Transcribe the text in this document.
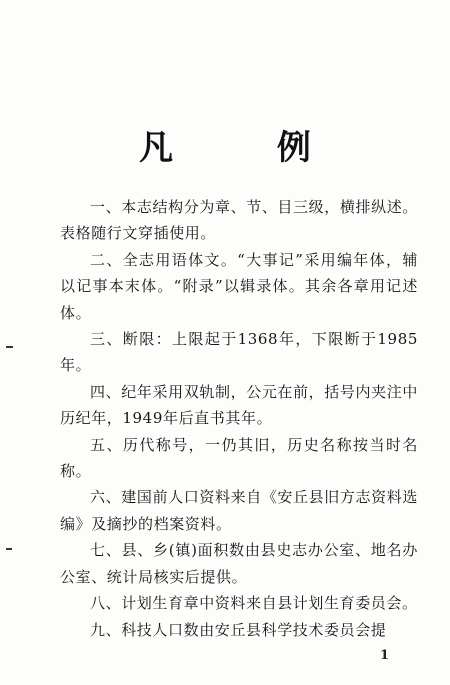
凡 例

一、本志结构分为章、节、目三级，横排纵述。表格随行文穿插使用。

二、全志用语体文。“大事记”采用编年体，辅以记事本末体。“附录”以辑录体。其余各章用记述体。

三、断限：上限起于1368年，下限断于1985年。

四、纪年采用双轨制，公元在前，括号内夹注中历纪年，1949年后直书其年。

五、历代称号，一仍其旧，历史名称按当时名称。

六、建国前人口资料来自《安丘县旧方志资料选编》及摘抄的档案资料。

七、县、乡(镇)面积数由县史志办公室、地名办公室、统计局核实后提供。

八、计划生育章中资料来自县计划生育委员会。

九、科技人口数由安丘县科学技术委员会提

1
